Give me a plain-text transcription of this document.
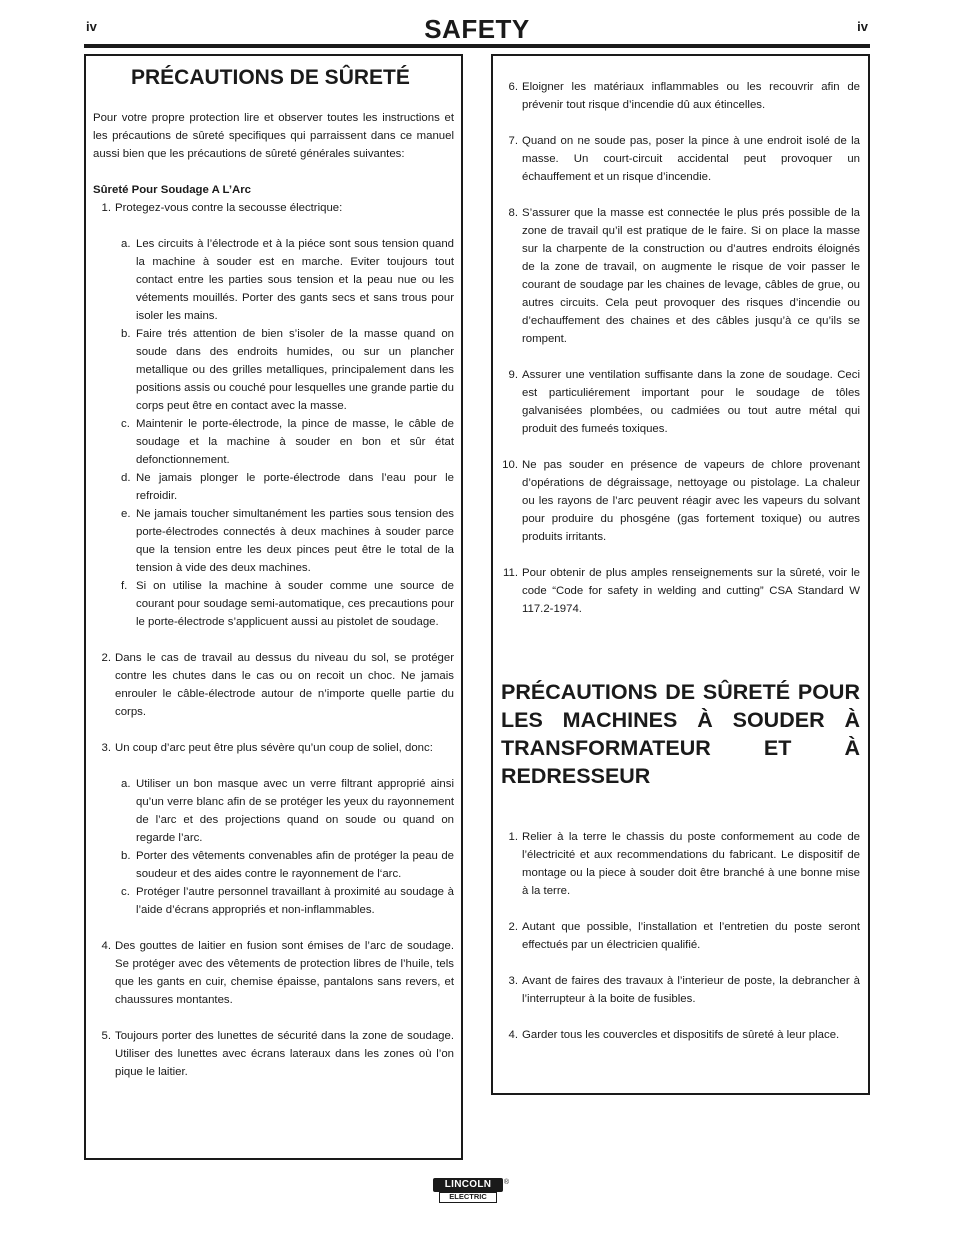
iv	SAFETY	iv
PRÉCAUTIONS DE SÛRETÉ

Pour votre propre protection lire et observer toutes les instructions et les précautions de sûreté specifiques qui parraissent dans ce manuel aussi bien que les précautions de sûreté générales suivantes:

Sûreté Pour Soudage A L’Arc

1. Protegez-vous contre la secousse électrique:

a. Les circuits à l’électrode et à la piéce sont sous tension quand la machine à souder est en marche. Eviter toujours tout contact entre les parties sous tension et la peau nue ou les vétements mouillés. Porter des gants secs et sans trous pour isoler les mains.

b. Faire trés attention de bien s’isoler de la masse quand on soude dans des endroits humides, ou sur un plancher metallique ou des grilles metalliques, principalement dans les positions assis ou couché pour lesquelles une grande partie du corps peut être en contact avec la masse.

c. Maintenir le porte-électrode, la pince de masse, le câble de soudage et la machine à souder en bon et sûr état defonctionnement.

d. Ne jamais plonger le porte-électrode dans l’eau pour le refroidir.

e. Ne jamais toucher simultanément les parties sous tension des porte-électrodes connectés à deux machines à souder parce que la tension entre les deux pinces peut être le total de la tension à vide des deux machines.

f. Si on utilise la machine à souder comme une source de courant pour soudage semi-automatique, ces precautions pour le porte-électrode s’applicuent aussi au pistolet de soudage.

2. Dans le cas de travail au dessus du niveau du sol, se protéger contre les chutes dans le cas ou on recoit un choc. Ne jamais enrouler le câble-électrode autour de n’importe quelle partie du corps.

3. Un coup d’arc peut être plus sévère qu’un coup de soliel, donc:

a. Utiliser un bon masque avec un verre filtrant approprié ainsi qu’un verre blanc afin de se protéger les yeux du rayonnement de l’arc et des projections quand on soude ou quand on regarde l’arc.

b. Porter des vêtements convenables afin de protéger la peau de soudeur et des aides contre le rayonnement de l‘arc.

c. Protéger l’autre personnel travaillant à proximité au soudage à l’aide d’écrans appropriés et non-inflammables.

4. Des gouttes de laitier en fusion sont émises de l’arc de soudage. Se protéger avec des vêtements de protection libres de l’huile, tels que les gants en cuir, chemise épaisse, pantalons sans revers, et chaussures montantes.

5. Toujours porter des lunettes de sécurité dans la zone de soudage. Utiliser des lunettes avec écrans lateraux dans les zones où l’on pique le laitier.

6. Eloigner les matériaux inflammables ou les recouvrir afin de prévenir tout risque d’incendie dû aux étincelles.

7. Quand on ne soude pas, poser la pince à une endroit isolé de la masse. Un court-circuit accidental peut provoquer un échauffement et un risque d’incendie.

8. S’assurer que la masse est connectée le plus prés possible de la zone de travail qu’il est pratique de le faire. Si on place la masse sur la charpente de la construction ou d’autres endroits éloignés de la zone de travail, on augmente le risque de voir passer le courant de soudage par les chaines de levage, câbles de grue, ou autres circuits. Cela peut provoquer des risques d’incendie ou d’echauffement des chaines et des câbles jusqu’à ce qu’ils se rompent.

9. Assurer une ventilation suffisante dans la zone de soudage. Ceci est particuliérement important pour le soudage de tôles galvanisées plombées, ou cadmiées ou tout autre métal qui produit des fumeés toxiques.

10. Ne pas souder en présence de vapeurs de chlore provenant d’opérations de dégraissage, nettoyage ou pistolage. La chaleur ou les rayons de l’arc peuvent réagir avec les vapeurs du solvant pour produire du phosgéne (gas fortement toxique) ou autres produits irritants.

11. Pour obtenir de plus amples renseignements sur la sûreté, voir le code “Code for safety in welding and cutting” CSA Standard W 117.2-1974.

PRÉCAUTIONS DE SÛRETÉ POUR LES MACHINES À SOUDER À TRANSFORMATEUR ET À REDRESSEUR
1. Relier à la terre le chassis du poste conformement au code de l’électricité et aux recommendations du fabricant. Le dispositif de montage ou la piece à souder doit être branché à une bonne mise à la terre.

2. Autant que possible, l’installation et l’entretien du poste seront effectués par un électricien qualifié.

3. Avant de faires des travaux à l’interieur de poste, la debrancher à l’interrupteur à la boite de fusibles.

4. Garder tous les couvercles et dispositifs de sûreté à leur place.

LINCOLN	®
ELECTRIC
